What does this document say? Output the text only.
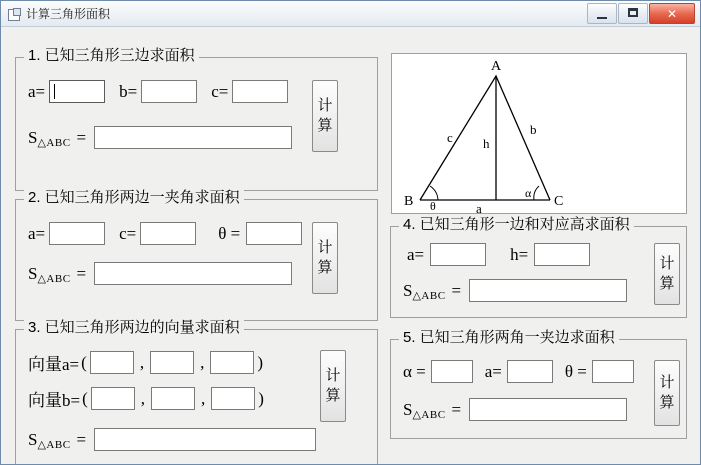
计算三角形面积	✕
1. 已知三角形三边求面积
a=	b=	c=
S△ABC =
计
算
2. 已知三角形两边一夹角求面积
a=	c=	θ =
S△ABC =
计
算
3. 已知三角形两边的向量求面积
向量a= (	,	,	)
向量b= (	,	,	)
S△ABC =
计
算
A
B	C
c
b
h
a
θ
α
4. 已知三角形一边和对应高求面积
a=	h=
S△ABC =
计
算
5. 已知三角形两角一夹边求面积
α =	a=	θ =
S△ABC =
计
算
